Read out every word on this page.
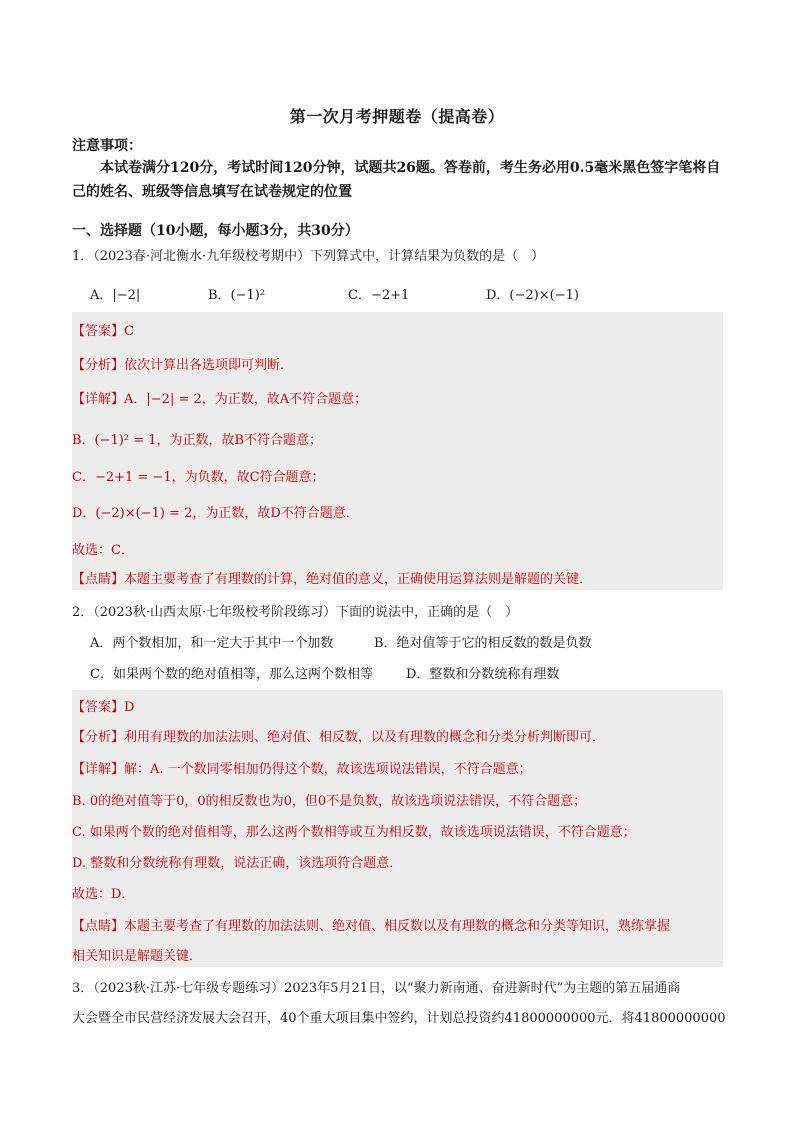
第一次月考押题卷（提高卷）
注意事项：
本试卷满分120分，考试时间120分钟，试题共26题。答卷前，考生务必用0.5毫米黑色签字笔将自己的姓名、班级等信息填写在试卷规定的位置
一、选择题（10小题，每小题3分，共30分）
1．（2023春·河北衡水·九年级校考期中）下列算式中，计算结果为负数的是（　）
A．|−2|	B．(−1)²	C．−2+1	D．(−2)×(−1)
【答案】C
【分析】依次计算出各选项即可判断．
【详解】A．|−2| = 2，为正数，故A不符合题意；
B．(−1)² = 1，为正数，故B不符合题意；
C．−2+1 = −1，为负数，故C符合题意；
D．(−2)×(−1) = 2，为正数，故D不符合题意．
故选：C．
【点睛】本题主要考查了有理数的计算，绝对值的意义，正确使用运算法则是解题的关键．
2．（2023秋·山西太原·七年级校考阶段练习）下面的说法中，正确的是（　）
A．两个数相加，和一定大于其中一个加数	B．绝对值等于它的相反数的数是负数
C．如果两个数的绝对值相等，那么这两个数相等	D．整数和分数统称有理数
【答案】D
【分析】利用有理数的加法法则、绝对值、相反数，以及有理数的概念和分类分析判断即可．
【详解】解：A. 一个数同零相加仍得这个数，故该选项说法错误，不符合题意；
B. 0的绝对值等于0，0的相反数也为0，但0不是负数，故该选项说法错误，不符合题意；
C. 如果两个数的绝对值相等，那么这两个数相等或互为相反数，故该选项说法错误，不符合题意；
D. 整数和分数统称有理数，说法正确，该选项符合题意．
故选：D．
【点睛】本题主要考查了有理数的加法法则、绝对值、相反数以及有理数的概念和分类等知识，熟练掌握
相关知识是解题关键．
3．（2023秋·江苏·七年级专题练习）2023年5月21日，以“聚力新南通、奋进新时代”为主题的第五届通商
大会暨全市民营经济发展大会召开，40个重大项目集中签约，计划总投资约41800000000元．将41800000000
